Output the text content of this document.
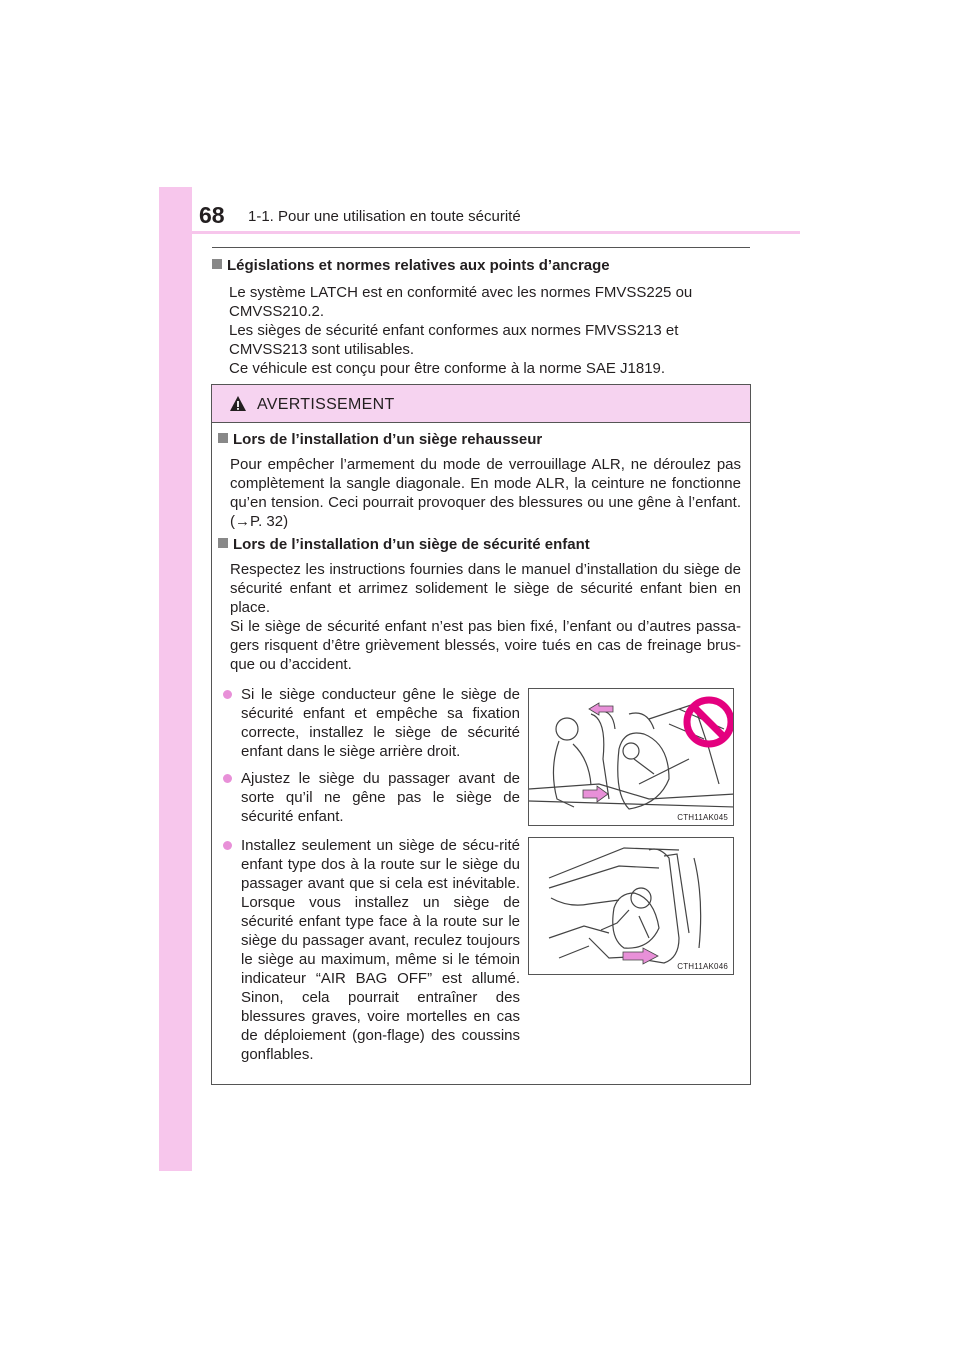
68 1-1. Pour une utilisation en toute sécurité
Législations et normes relatives aux points d’ancrage
Le système LATCH est en conformité avec les normes FMVSS225 ou
CMVSS210.2.
Les sièges de sécurité enfant conformes aux normes FMVSS213 et
CMVSS213 sont utilisables.
Ce véhicule est conçu pour être conforme à la norme SAE J1819.
AVERTISSEMENT
Lors de l’installation d’un siège rehausseur
Pour empêcher l’armement du mode de verrouillage ALR, ne déroulez pas complètement la sangle diagonale. En mode ALR, la ceinture ne fonctionne qu’en tension. Ceci pourrait provoquer des blessures ou une gêne à l’enfant. (→P. 32)
Lors de l’installation d’un siège de sécurité enfant
Respectez les instructions fournies dans le manuel d’installation du siège de sécurité enfant et arrimez solidement le siège de sécurité enfant bien en place.
Si le siège de sécurité enfant n’est pas bien fixé, l’enfant ou d’autres passa-gers risquent d’être grièvement blessés, voire tués en cas de freinage brus-que ou d’accident.
Si le siège conducteur gêne le siège de sécurité enfant et empêche sa fixation correcte, installez le siège de sécurité enfant dans le siège arrière droit.
Ajustez le siège du passager avant de sorte qu’il ne gêne pas le siège de sécurité enfant.
Installez seulement un siège de sécu-rité enfant type dos à la route sur le siège du passager avant que si cela est inévitable. Lorsque vous installez un siège de sécurité enfant type face à la route sur le siège du passager avant, reculez toujours le siège au maximum, même si le témoin indicateur “AIR BAG OFF” est allumé. Sinon, cela pourrait entraîner des blessures graves, voire mortelles en cas de déploiement (gon-flage) des coussins gonflables.
CTH11AK045
CTH11AK046
